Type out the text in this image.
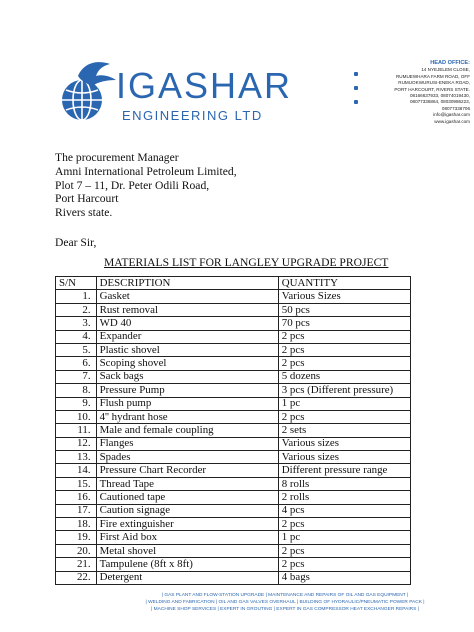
IGASHAR
ENGINEERING LTD
HEAD OFFICE:
14 NYEJELEM CLOSE,
RUMUEWHARA FARM ROAD, OFF
RUMUOKWURUSI-ENEKA ROAD,
PORT HARCOURT, RIVERS STATE.
08166637933, 08074019430,
08077336864, 08030986223,
08077336706
info@igashar.com
www.igashar.com
The procurement Manager
Amni International Petroleum Limited,
Plot 7 – 11, Dr. Peter Odili Road,
Port Harcourt
Rivers state.
Dear Sir,
MATERIALS LIST FOR LANGLEY UPGRADE PROJECT
S/N	DESCRIPTION	QUANTITY
1.	Gasket	Various Sizes
2.	Rust removal	50 pcs
3.	WD 40	70 pcs
4.	Expander	2 pcs
5.	Plastic shovel	2 pcs
6.	Scoping shovel	2 pcs
7.	Sack bags	5 dozens
8.	Pressure Pump	3 pcs (Different pressure)
9.	Flush pump	1 pc
10.	4'' hydrant hose	2 pcs
11.	Male and female coupling	2 sets
12.	Flanges	Various sizes
13.	Spades	Various sizes
14.	Pressure Chart Recorder	Different pressure range
15.	Thread Tape	8 rolls
16.	Cautioned tape	2 rolls
17.	Caution signage	4 pcs
18.	Fire extinguisher	2 pcs
19.	First Aid box	1 pc
20.	Metal shovel	2 pcs
21.	Tampulene (8ft x 8ft)	2 pcs
22.	Detergent	4 bags
| GAS PLANT AND FLOW-STATION UPGRADE | MAINTENANCE AND REPAIRS OF OIL AND GAS EQUIPMENT |
| WELDING AND FABRICATION | OIL AND GAS VALVES OVERHAUL | BUILDING OF HYDRAULIC/PNEUMATIC POWER PACK |
| MACHINE SHOP SERVICES | EXPERT IN GROUTING | EXPERT IN GAS COMPRESSOR HEAT EXCHANGER REPAIRS |
